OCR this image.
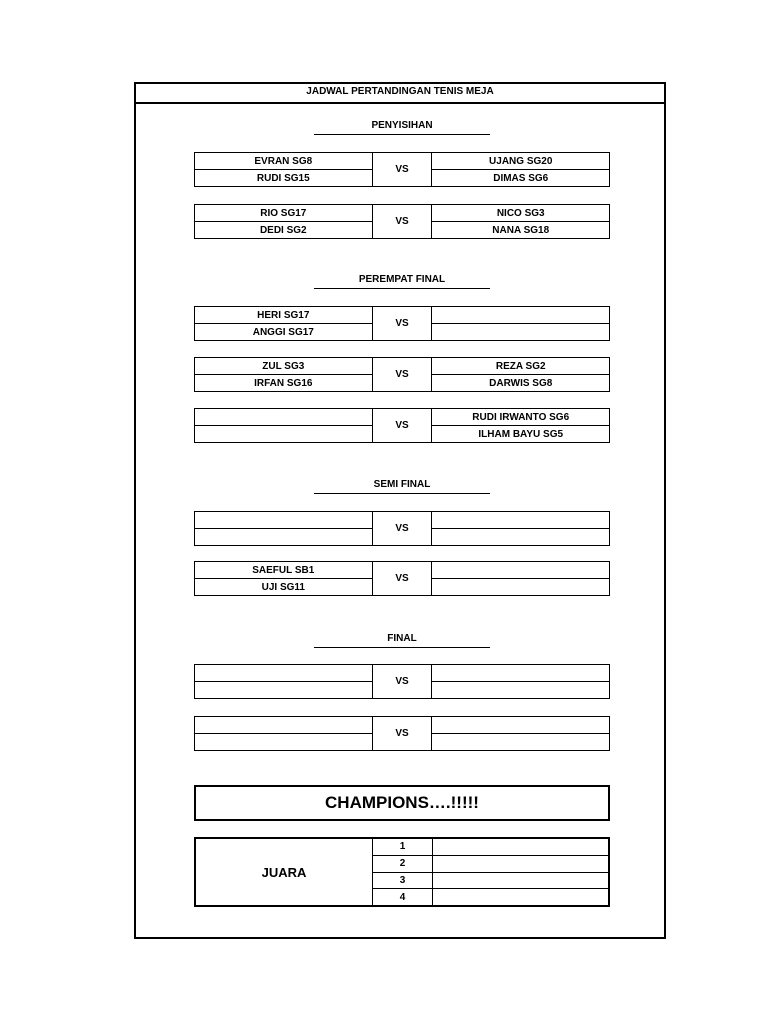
JADWAL PERTANDINGAN TENIS MEJA
PENYISIHAN
EVRAN SG8
RUDI SG15
VS
UJANG SG20
DIMAS SG6
RIO SG17
DEDI SG2
VS
NICO SG3
NANA SG18
PEREMPAT FINAL
HERI SG17
ANGGI SG17
VS
ZUL SG3
IRFAN SG16
VS
REZA SG2
DARWIS SG8
VS
RUDI IRWANTO SG6
ILHAM BAYU SG5
SEMI FINAL
VS
SAEFUL SB1
UJI SG11
VS
FINAL
VS
VS
CHAMPIONS….!!!!!
JUARA
1
2
3
4
